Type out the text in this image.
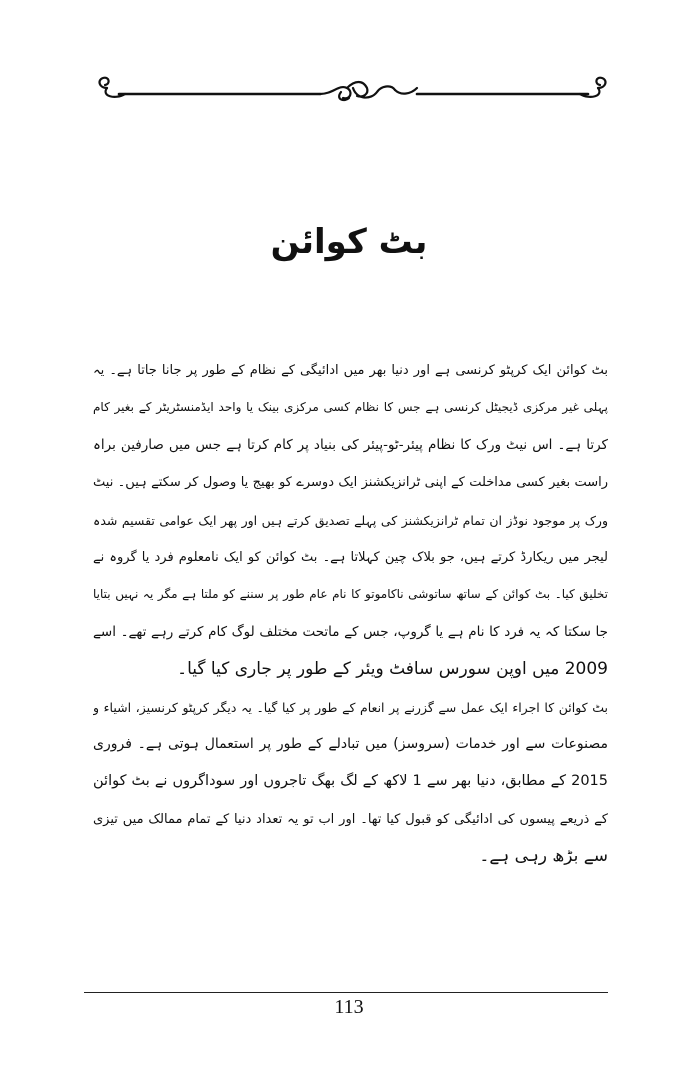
بٹ کوائن
بٹ کوائن ایک کرپٹو کرنسی ہے اور دنیا بھر میں ادائیگی کے نظام کے طور پر جانا جاتا ہے۔ یہ
پہلی غیر مرکزی ڈیجیٹل کرنسی ہے جس کا نظام کسی مرکزی بینک یا واحد ایڈمنسٹریٹر کے بغیر کام
کرتا ہے۔ اس نیٹ ورک کا نظام پیئر-ٹو-پیئر کی بنیاد پر کام کرتا ہے جس میں صارفین براہ
راست بغیر کسی مداخلت کے اپنی ٹرانزیکشنز ایک دوسرے کو بھیج یا وصول کر سکتے ہیں۔ نیٹ
ورک پر موجود نوڈز ان تمام ٹرانزیکشنز کی پہلے تصدیق کرتے ہیں اور پھر ایک عوامی تقسیم شدہ
لیجر میں ریکارڈ کرتے ہیں، جو بلاک چین کہلاتا ہے۔ بٹ کوائن کو ایک نامعلوم فرد یا گروہ نے
تخلیق کیا۔ بٹ کوائن کے ساتھ ساتوشی ناکاموتو کا نام عام طور پر سننے کو ملتا ہے مگر یہ نہیں بتایا
جا سکتا کہ یہ فرد کا نام ہے یا گروپ، جس کے ماتحت مختلف لوگ کام کرتے رہے تھے۔ اسے
2009 میں اوپن سورس سافٹ ویئر کے طور پر جاری کیا گیا۔
بٹ کوائن کا اجراء ایک عمل سے گزرنے پر انعام کے طور پر کیا گیا۔ یہ دیگر کرپٹو کرنسیز، اشیاء و
مصنوعات سے اور خدمات (سروسز) میں تبادلے کے طور پر استعمال ہوتی ہے۔ فروری
2015 کے مطابق، دنیا بھر سے 1 لاکھ کے لگ بھگ تاجروں اور سوداگروں نے بٹ کوائن
کے ذریعے پیسوں کی ادائیگی کو قبول کیا تھا۔ اور اب تو یہ تعداد دنیا کے تمام ممالک میں تیزی
سے بڑھ رہی ہے۔
113
